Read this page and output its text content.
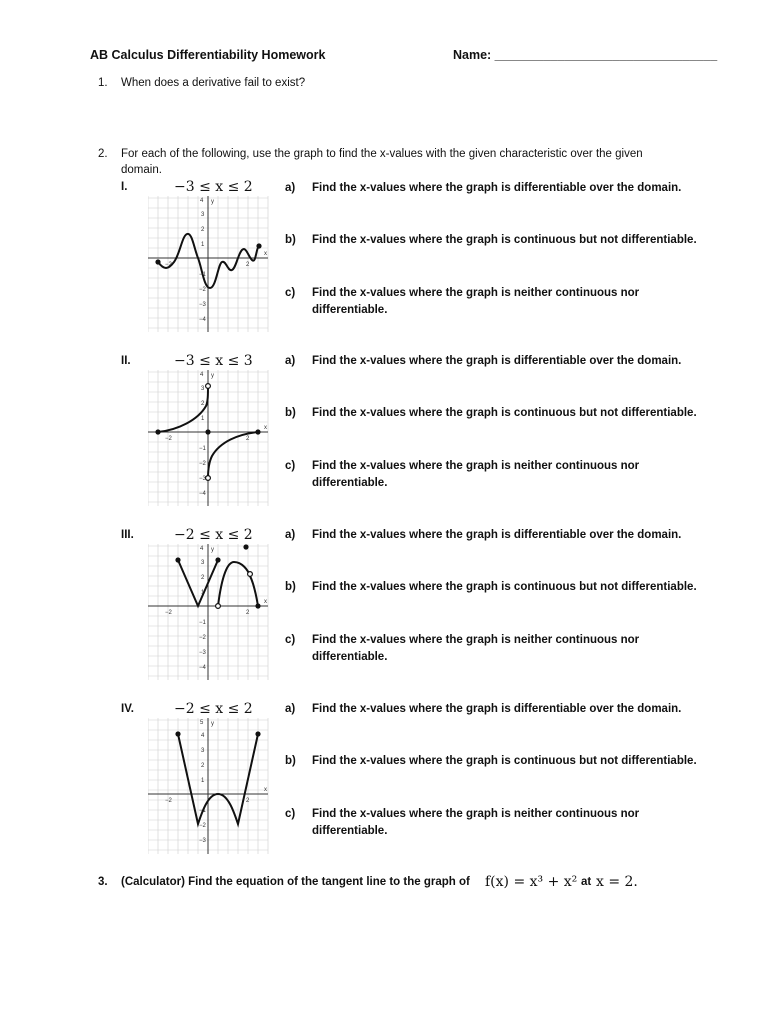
AB Calculus Differentiability Homework	Name: ________________________________
1. When does a derivative fail to exist?
2. For each of the following, use the graph to find the x-values with the given characteristic over the given
domain.
I.	−3 ≤ x ≤ 2
x
y
−2	2
4
3
2
1
−1
−2
−3
−4
a) Find the x-values where the graph is differentiable over the domain.
b) Find the x-values where the graph is continuous but not differentiable.
c) Find the x-values where the graph is neither continuous nor
differentiable.
II.	−3 ≤ x ≤ 3
x
y
−2	2
4
3
2
1
−1
−2
−3
−4
a) Find the x-values where the graph is differentiable over the domain.
b) Find the x-values where the graph is continuous but not differentiable.
c) Find the x-values where the graph is neither continuous nor
differentiable.
III.	−2 ≤ x ≤ 2
x
y
−2	2
4
3
2
1
−1
−2
−3
−4
a) Find the x-values where the graph is differentiable over the domain.
b) Find the x-values where the graph is continuous but not differentiable.
c) Find the x-values where the graph is neither continuous nor
differentiable.
IV.	−2 ≤ x ≤ 2
x
y
−2	2
5
4
3
2
1
−1
−2
−3
a) Find the x-values where the graph is differentiable over the domain.
b) Find the x-values where the graph is continuous but not differentiable.
c) Find the x-values where the graph is neither continuous nor
differentiable.
3. (Calculator) Find the equation of the tangent line to the graph of f(x) = x³ + x² at x = 2.
